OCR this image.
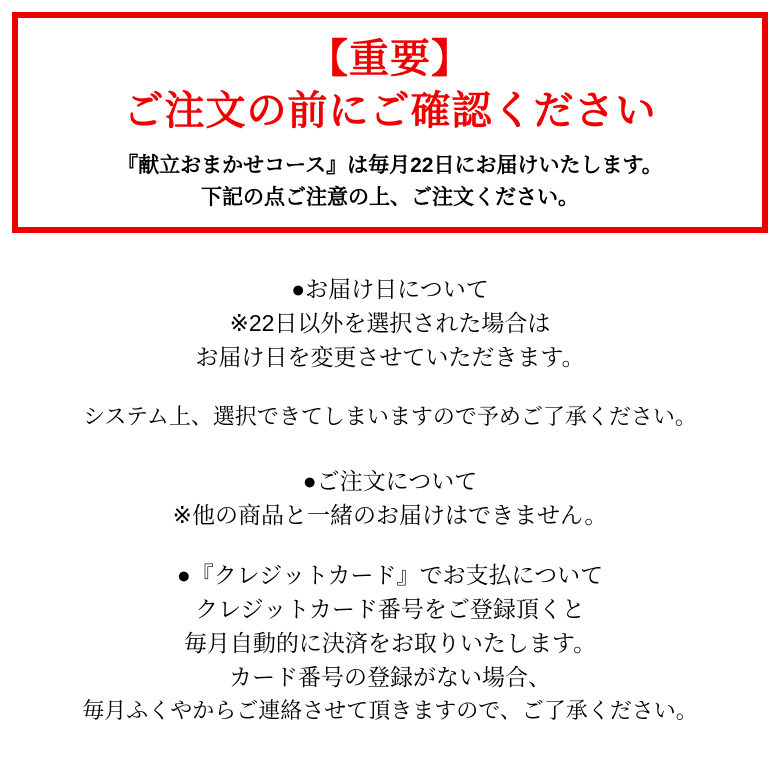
【重要】
ご注文の前にご確認ください
『献立おまかせコース』は毎月22日にお届けいたします。
下記の点ご注意の上、ご注文ください。
●お届け日について
※22日以外を選択された場合は
お届け日を変更させていただきます。
システム上、選択できてしまいますので予めご了承ください。
●ご注文について
※他の商品と一緒のお届けはできません。
●『クレジットカード』でお支払について
クレジットカード番号をご登録頂くと
毎月自動的に決済をお取りいたします。
カード番号の登録がない場合、
毎月ふくやからご連絡させて頂きますので、ご了承ください。
